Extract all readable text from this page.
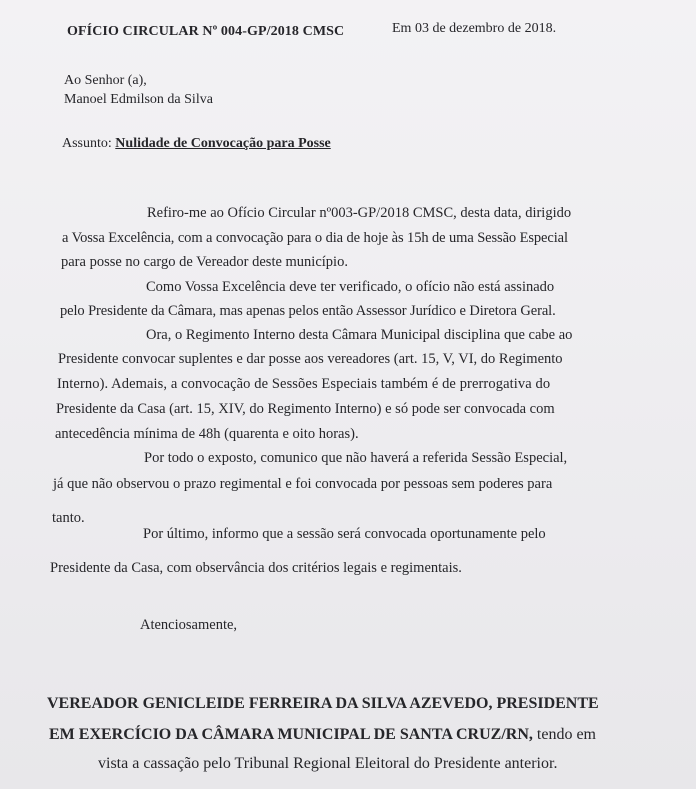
OFÍCIO CIRCULAR Nº 004-GP/2018 CMSC	Em 03 de dezembro de 2018.
Ao Senhor (a),
Manoel Edmilson da Silva
Assunto: Nulidade de Convocação para Posse
Refiro-me ao Ofício Circular nº003-GP/2018 CMSC, desta data, dirigido
a Vossa Excelência, com a convocação para o dia de hoje às 15h de uma Sessão Especial
para posse no cargo de Vereador deste município.
Como Vossa Excelência deve ter verificado, o ofício não está assinado
pelo Presidente da Câmara, mas apenas pelos então Assessor Jurídico e Diretora Geral.
Ora, o Regimento Interno desta Câmara Municipal disciplina que cabe ao
Presidente convocar suplentes e dar posse aos vereadores (art. 15, V, VI, do Regimento
Interno). Ademais, a convocação de Sessões Especiais também é de prerrogativa do
Presidente da Casa (art. 15, XIV, do Regimento Interno) e só pode ser convocada com
antecedência mínima de 48h (quarenta e oito horas).
Por todo o exposto, comunico que não haverá a referida Sessão Especial,
já que não observou o prazo regimental e foi convocada por pessoas sem poderes para
tanto.
Por último, informo que a sessão será convocada oportunamente pelo
Presidente da Casa, com observância dos critérios legais e regimentais.
Atenciosamente,
VEREADOR GENICLEIDE FERREIRA DA SILVA AZEVEDO, PRESIDENTE
EM EXERCÍCIO DA CÂMARA MUNICIPAL DE SANTA CRUZ/RN, tendo em
vista a cassação pelo Tribunal Regional Eleitoral do Presidente anterior.
